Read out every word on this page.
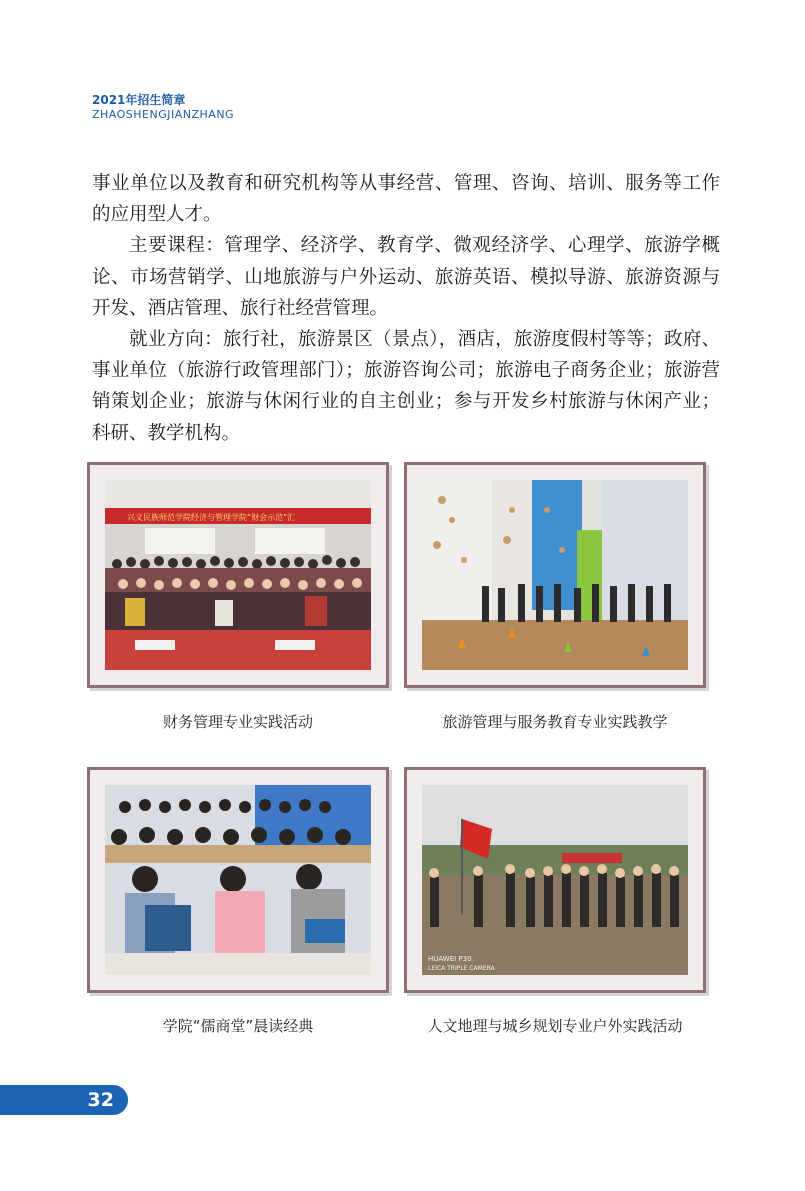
2021年招生简章
ZHAOSHENGJIANZHANG

事业单位以及教育和研究机构等从事经营、管理、咨询、培训、服务等工作的应用型人才。

主要课程：管理学、经济学、教育学、微观经济学、心理学、旅游学概论、市场营销学、山地旅游与户外运动、旅游英语、模拟导游、旅游资源与开发、酒店管理、旅行社经营管理。

就业方向：旅行社，旅游景区（景点），酒店，旅游度假村等等；政府、事业单位（旅游行政管理部门）；旅游咨询公司；旅游电子商务企业；旅游营销策划企业；旅游与休闲行业的自主创业；参与开发乡村旅游与休闲产业；科研、教学机构。

兴义民族师范学院经济与管理学院“财会示范”汇
财务管理专业实践活动	旅游管理与服务教育专业实践教学
学院“儒商堂”晨读经典
HUAWEI P30
LEICA TRIPLE CAMERA
人文地理与城乡规划专业户外实践活动
32
